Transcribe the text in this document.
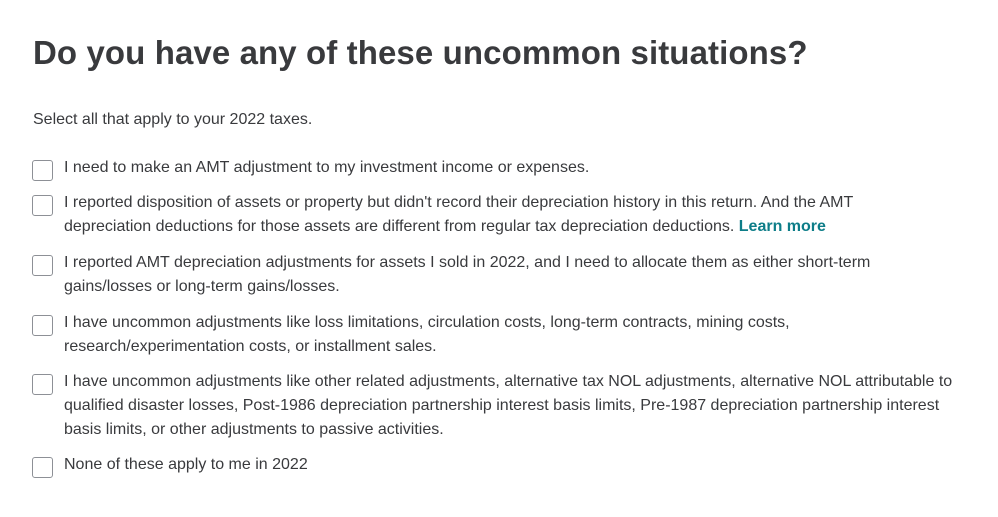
Do you have any of these uncommon situations?

Select all that apply to your 2022 taxes.

I need to make an AMT adjustment to my investment income or expenses.
I reported disposition of assets or property but didn't record their depreciation history in this return. And the AMT depreciation deductions for those assets are different from regular tax depreciation deductions. Learn more
I reported AMT depreciation adjustments for assets I sold in 2022, and I need to allocate them as either short-term gains/losses or long-term gains/losses.
I have uncommon adjustments like loss limitations, circulation costs, long-term contracts, mining costs, research/experimentation costs, or installment sales.
I have uncommon adjustments like other related adjustments, alternative tax NOL adjustments, alternative NOL attributable to qualified disaster losses, Post-1986 depreciation partnership interest basis limits, Pre-1987 depreciation partnership interest basis limits, or other adjustments to passive activities.
None of these apply to me in 2022
